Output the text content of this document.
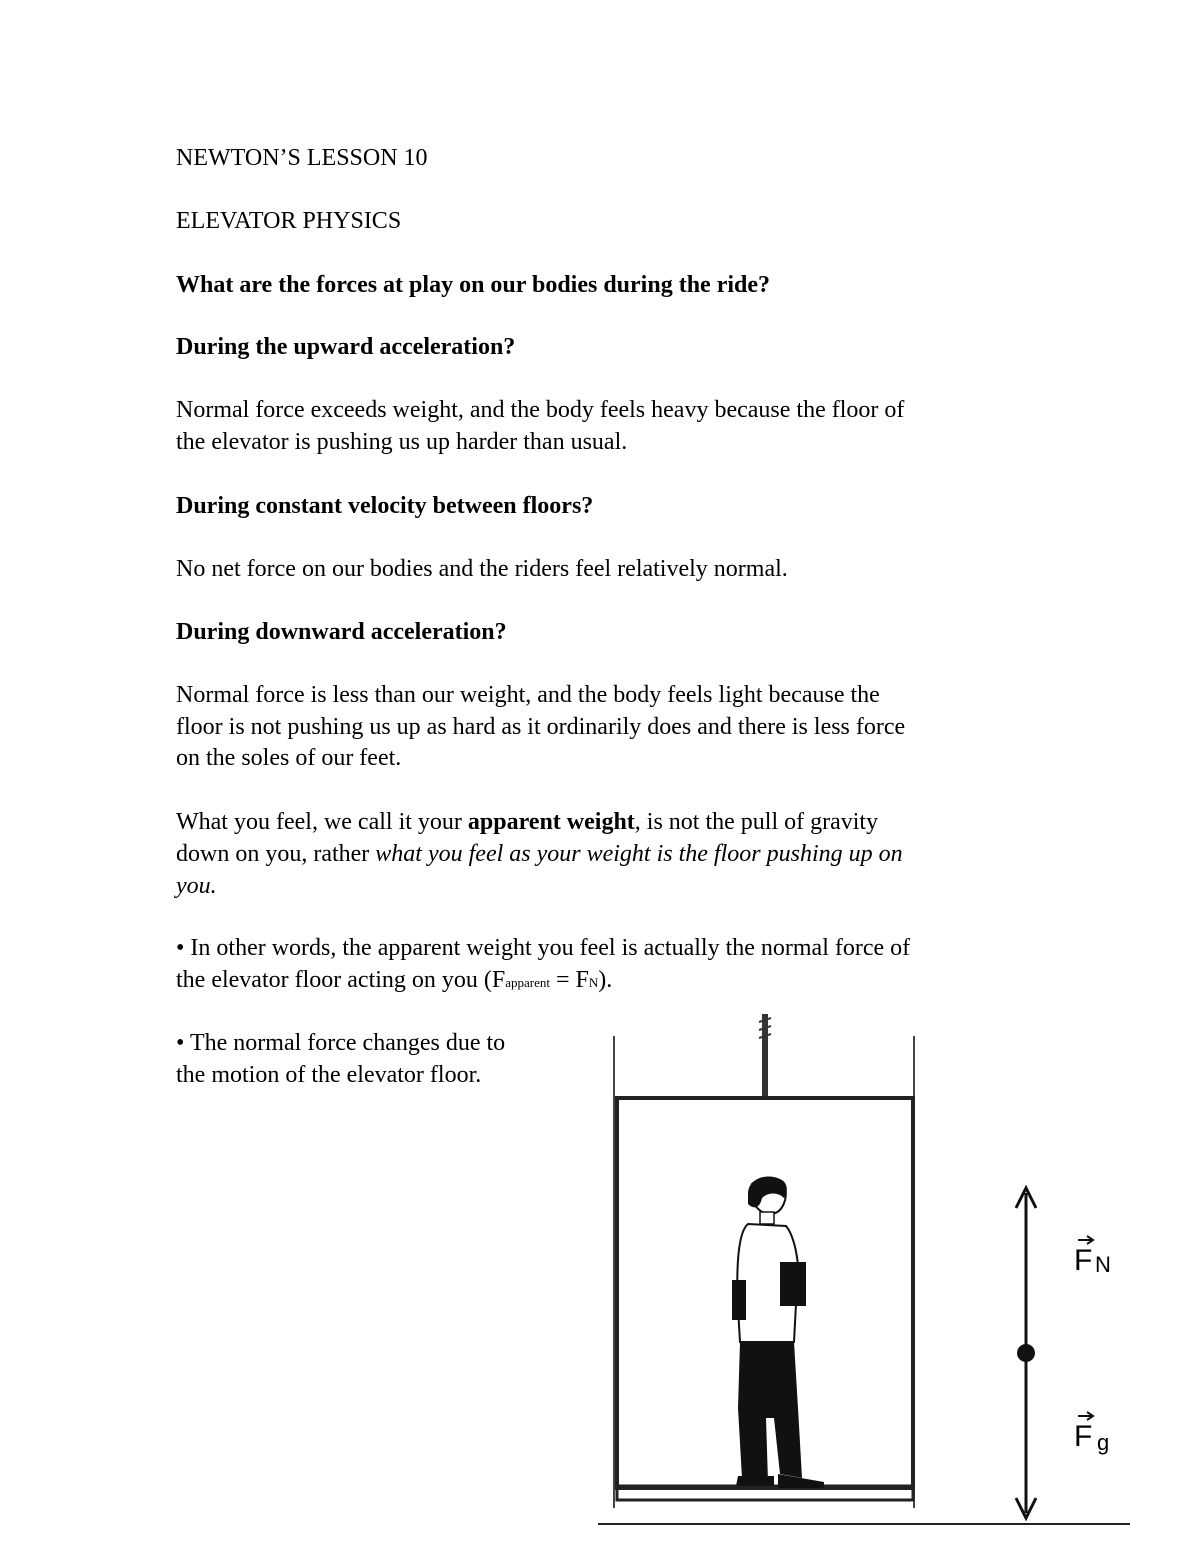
NEWTON’S LESSON 10
ELEVATOR PHYSICS
What are the forces at play on our bodies during the ride?
During the upward acceleration?
Normal force exceeds weight, and the body feels heavy because the floor of
the elevator is pushing us up harder than usual.
During constant velocity between floors?
No net force on our bodies and the riders feel relatively normal.
During downward acceleration?
Normal force is less than our weight, and the body feels light because the
floor is not pushing us up as hard as it ordinarily does and there is less force
on the soles of our feet.
What you feel, we call it your apparent weight, is not the pull of gravity
down on you, rather what you feel as your weight is the floor pushing up on
you.
• In other words, the apparent weight you feel is actually the normal force of
the elevator floor acting on you (Fapparent = FN).
• The normal force changes due to
the motion of the elevator floor.
F N
F g
